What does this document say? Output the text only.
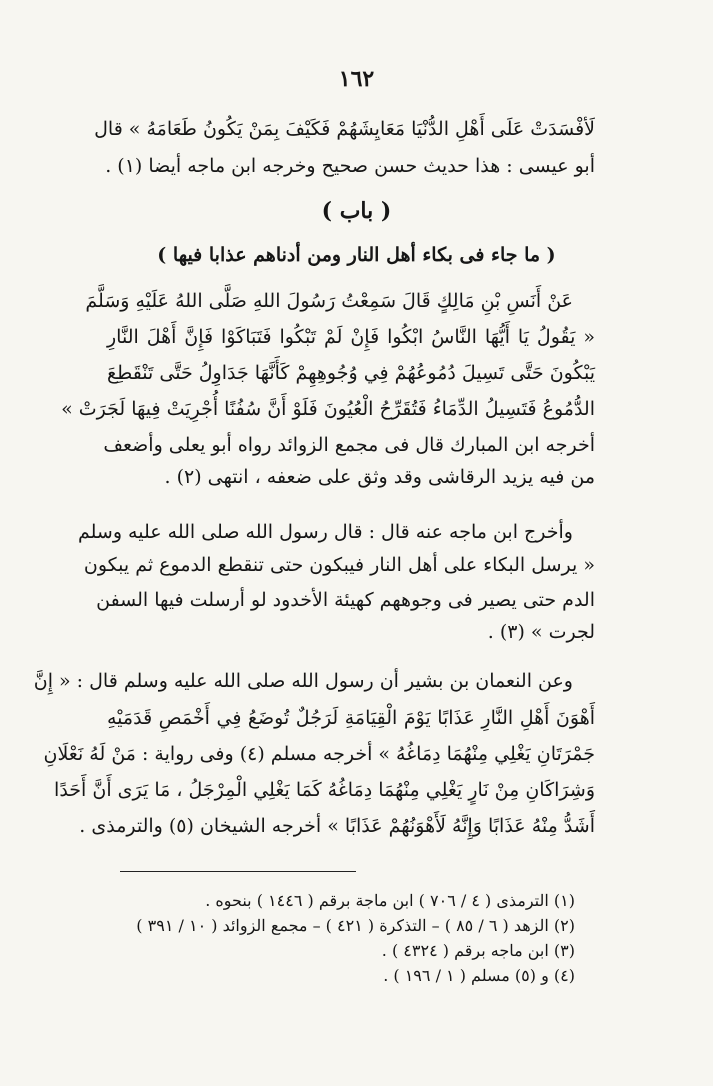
١٦٢
لَأفْسَدَتْ عَلَى أَهْلِ الدُّنْيَا مَعَايِشَهُمْ فَكَيْفَ بِمَنْ يَكُونُ طَعَامَهُ » قال
أبو عيسى : هذا حديث حسن صحيح وخرجه ابن ماجه أيضا (١) .
( باب )
( ما جاء فى بكاء أهل النار ومن أدناهم عذابا فيها )
عَنْ أَنَسِ بْنِ مَالِكٍ قَالَ سَمِعْتُ رَسُولَ اللهِ صَلَّى اللهُ عَلَيْهِ وَسَلَّمَ
« يَقُولُ يَا أَيُّهَا النَّاسُ ابْكُوا فَإِنْ لَمْ تَبْكُوا فَتَبَاكَوْا فَإِنَّ أَهْلَ النَّارِ
يَبْكُونَ حَتَّى تَسِيلَ دُمُوعُهُمْ فِي وُجُوهِهِمْ كَأَنَّهَا جَدَاوِلُ حَتَّى تَنْقَطِعَ
الدُّمُوعُ فَتَسِيلُ الدِّمَاءُ فَتُقَرِّحُ الْعُيُونَ فَلَوْ أَنَّ سُفُنًا أُجْرِيَتْ فِيهَا لَجَرَتْ »
أخرجه ابن المبارك قال فى مجمع الزوائد رواه أبو يعلى وأضعف
من فيه يزيد الرقاشى وقد وثق على ضعفه ، انتهى (٢) .
وأخرج ابن ماجه عنه قال : قال رسول الله صلى الله عليه وسلم
« يرسل البكاء على أهل النار فيبكون حتى تنقطع الدموع ثم يبكون
الدم حتى يصير فى وجوههم كهيئة الأخدود لو أرسلت فيها السفن
لجرت » (٣) .
وعن النعمان بن بشير أن رسول الله صلى الله عليه وسلم قال : « إِنَّ
أَهْوَنَ أَهْلِ النَّارِ عَذَابًا يَوْمَ الْقِيَامَةِ لَرَجُلٌ تُوضَعُ فِي أَخْمَصِ قَدَمَيْهِ
جَمْرَتَانِ يَغْلِي مِنْهُمَا دِمَاغُهُ » أخرجه مسلم (٤) وفى رواية : مَنْ لَهُ نَعْلَانِ
وَشِرَاكَانِ مِنْ نَارٍ يَغْلِي مِنْهُمَا دِمَاغُهُ كَمَا يَغْلِي الْمِرْجَلُ ، مَا يَرَى أَنَّ أَحَدًا
أَشَدُّ مِنْهُ عَذَابًا وَإِنَّهُ لَأَهْوَنُهُمْ عَذَابًا » أخرجه الشيخان (٥) والترمذى .
(١) الترمذى ( ٤ / ٧٠٦ ) ابن ماجة برقم ( ١٤٤٦ ) بنحوه .
(٢) الزهد ( ٦ / ٨٥ ) – التذكرة ( ٤٢١ ) – مجمع الزوائد ( ١٠ / ٣٩١ )
(٣) ابن ماجه برقم ( ٤٣٢٤ ) .
(٤) و (٥) مسلم ( ١ / ١٩٦ ) .
